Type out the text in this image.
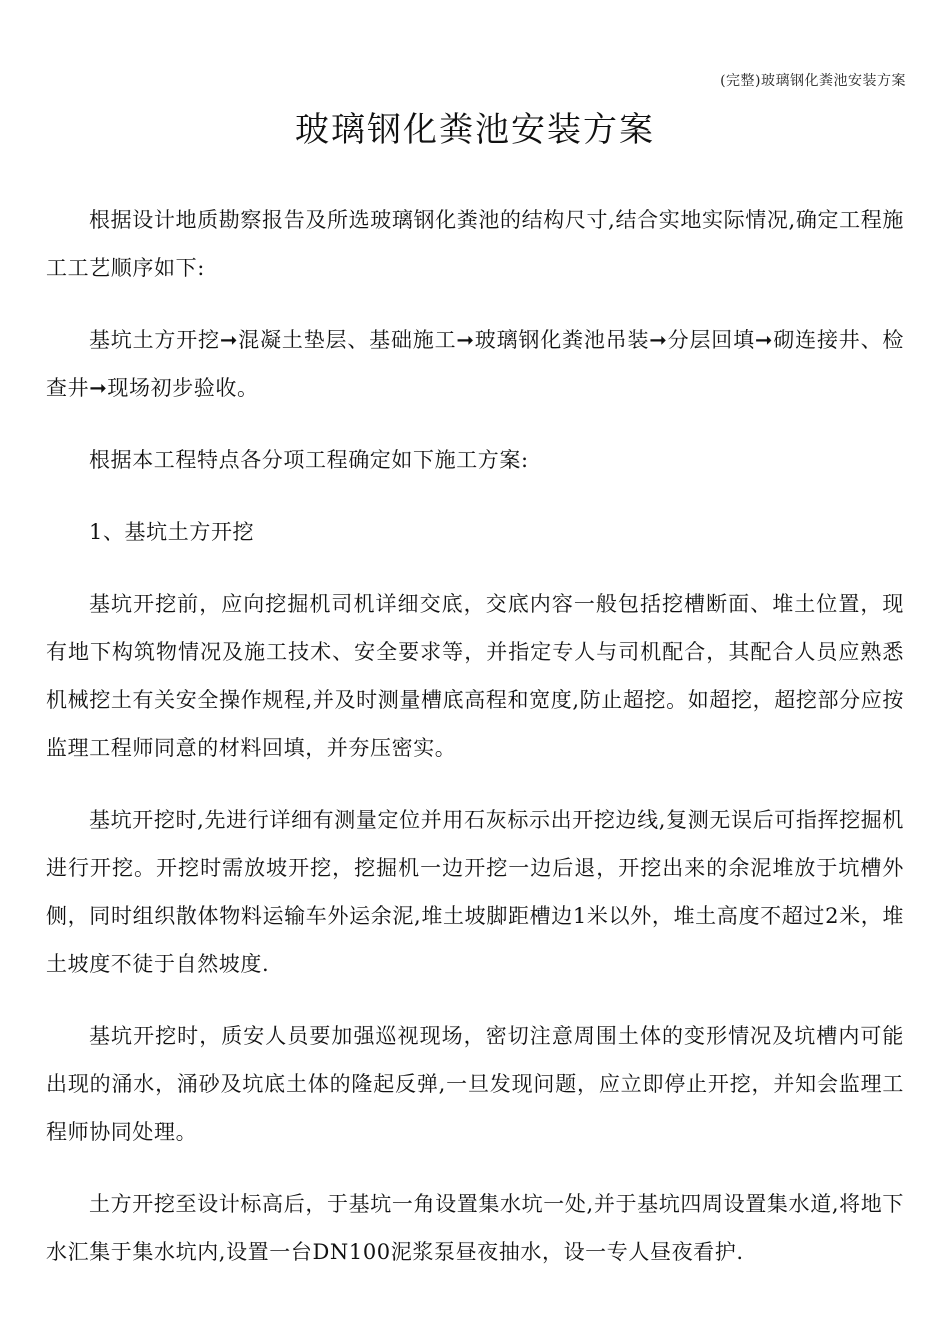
(完整)玻璃钢化粪池安装方案
玻璃钢化粪池安装方案

根据设计地质勘察报告及所选玻璃钢化粪池的结构尺寸,结合实地实际情况,确定工程施工工艺顺序如下:

基坑土方开挖➞混凝土垫层、基础施工➞玻璃钢化粪池吊装➞分层回填➞砌连接井、检查井➞现场初步验收。

根据本工程特点各分项工程确定如下施工方案:

1、基坑土方开挖

基坑开挖前，应向挖掘机司机详细交底，交底内容一般包括挖槽断面、堆土位置，现有地下构筑物情况及施工技术、安全要求等，并指定专人与司机配合，其配合人员应熟悉机械挖土有关安全操作规程,并及时测量槽底高程和宽度,防止超挖。如超挖，超挖部分应按监理工程师同意的材料回填，并夯压密实。

基坑开挖时,先进行详细有测量定位并用石灰标示出开挖边线,复测无误后可指挥挖掘机进行开挖。开挖时需放坡开挖，挖掘机一边开挖一边后退，开挖出来的余泥堆放于坑槽外侧，同时组织散体物料运输车外运余泥,堆土坡脚距槽边1米以外，堆土高度不超过2米，堆土坡度不徒于自然坡度.

基坑开挖时，质安人员要加强巡视现场，密切注意周围土体的变形情况及坑槽内可能出现的涌水，涌砂及坑底土体的隆起反弹,一旦发现问题，应立即停止开挖，并知会监理工程师协同处理。

土方开挖至设计标高后，于基坑一角设置集水坑一处,并于基坑四周设置集水道,将地下水汇集于集水坑内,设置一台DN100泥浆泵昼夜抽水，设一专人昼夜看护.
